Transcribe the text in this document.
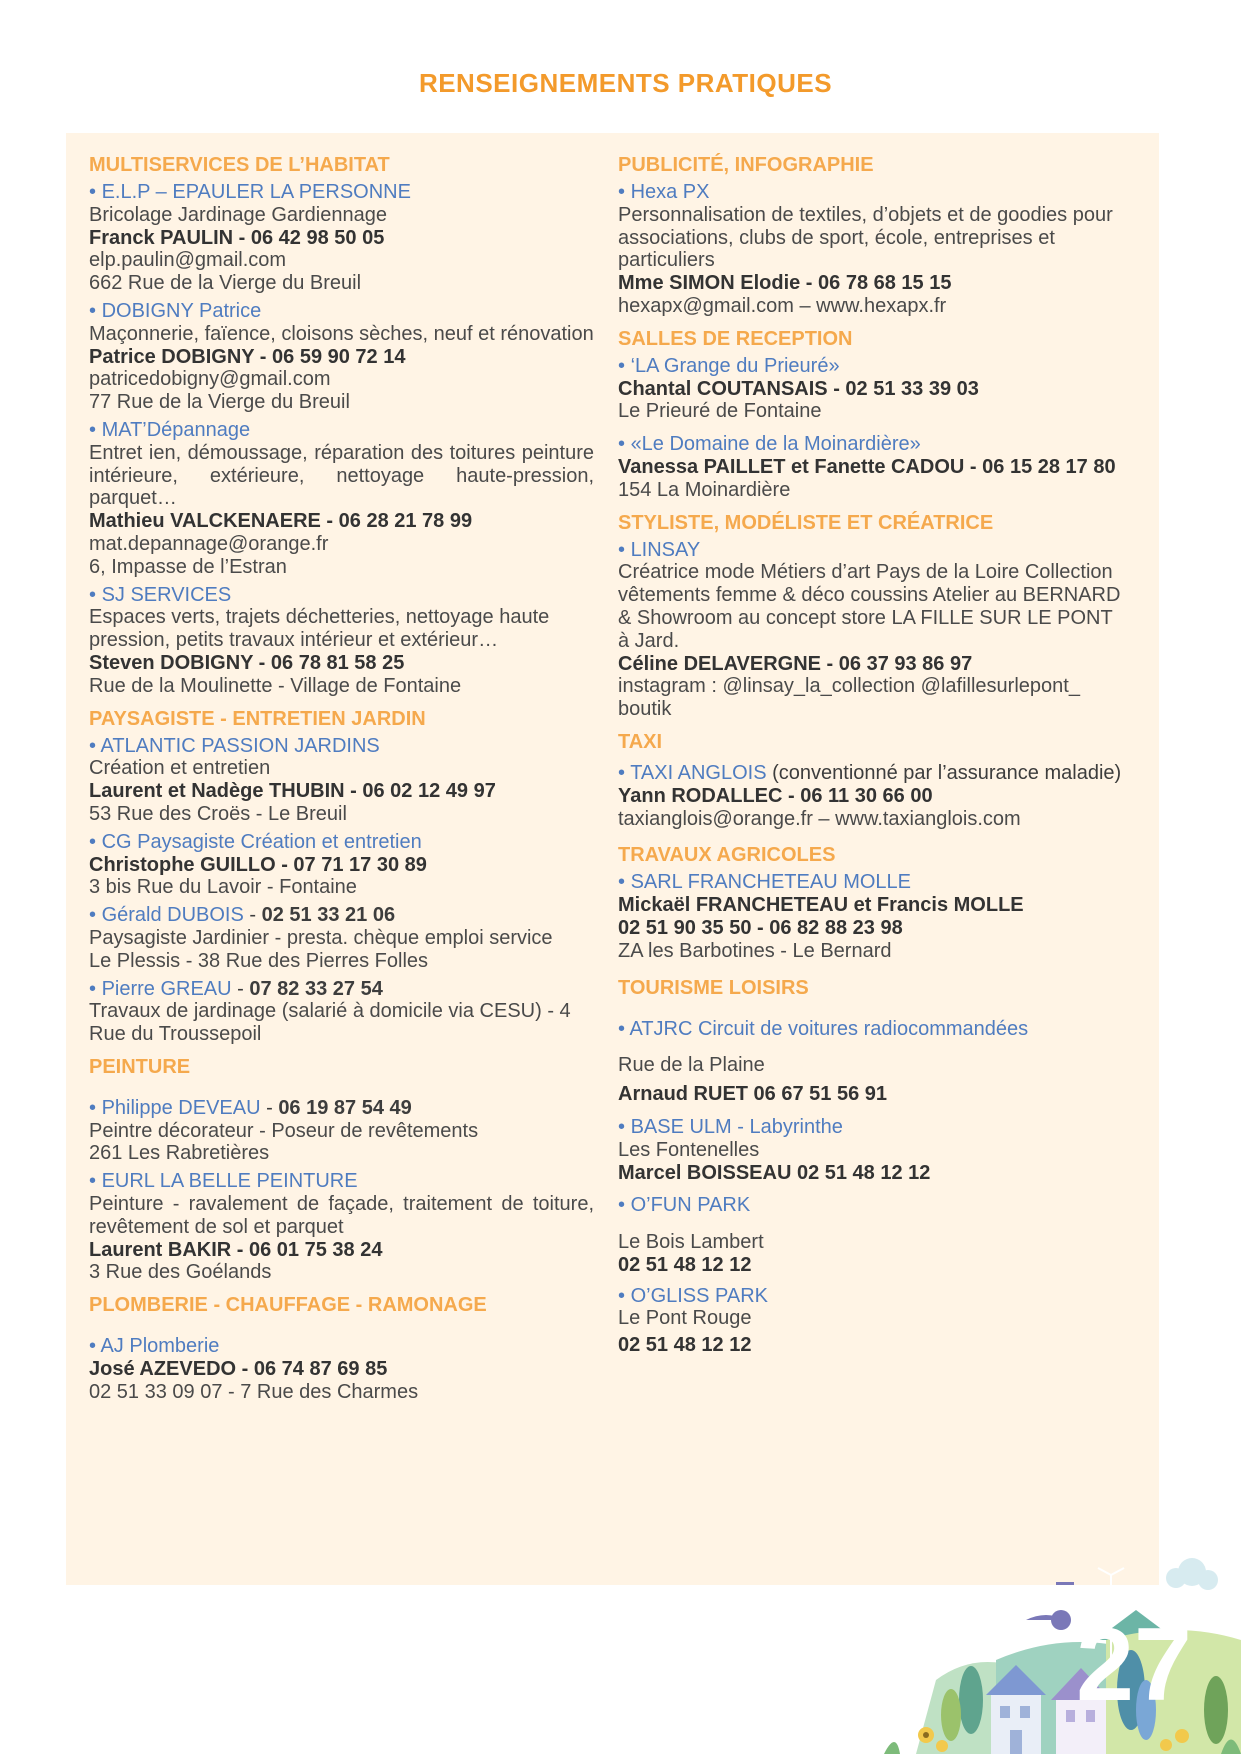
RENSEIGNEMENTS PRATIQUES
MULTISERVICES DE L’HABITAT
• E.L.P – EPAULER LA PERSONNE
Bricolage Jardinage Gardiennage
Franck PAULIN - 06 42 98 50 05
elp.paulin@gmail.com
662 Rue de la Vierge du Breuil
• DOBIGNY Patrice
Maçonnerie, faïence, cloisons sèches, neuf et rénovation
Patrice DOBIGNY - 06 59 90 72 14
patricedobigny@gmail.com
77 Rue de la Vierge du Breuil
• MAT’Dépannage
Entret ien, démoussage, réparation des toitures peinture intérieure, extérieure, nettoyage haute-pression, parquet…
Mathieu VALCKENAERE - 06 28 21 78 99
mat.depannage@orange.fr
6, Impasse de l’Estran
• SJ SERVICES
Espaces verts, trajets déchetteries, nettoyage haute pression, petits travaux intérieur et extérieur…
Steven DOBIGNY - 06 78 81 58 25
Rue de la Moulinette - Village de Fontaine
PAYSAGISTE - ENTRETIEN JARDIN
• ATLANTIC PASSION JARDINS
Création et entretien
Laurent et Nadège THUBIN - 06 02 12 49 97
53 Rue des Croës - Le Breuil
• CG Paysagiste Création et entretien
Christophe GUILLO - 07 71 17 30 89
3 bis Rue du Lavoir - Fontaine
• Gérald DUBOIS - 02 51 33 21 06
Paysagiste Jardinier - presta. chèque emploi service
Le Plessis - 38 Rue des Pierres Folles
• Pierre GREAU - 07 82 33 27 54
Travaux de jardinage (salarié à domicile via CESU) - 4 Rue du Troussepoil
PEINTURE
• Philippe DEVEAU - 06 19 87 54 49
Peintre décorateur - Poseur de revêtements
261 Les Rabretières
• EURL LA BELLE PEINTURE
Peinture - ravalement de façade, traitement de toiture, revêtement de sol et parquet
Laurent BAKIR - 06 01 75 38 24
3 Rue des Goélands
PLOMBERIE - CHAUFFAGE - RAMONAGE
• AJ Plomberie
José AZEVEDO - 06 74 87 69 85
02 51 33 09 07 - 7 Rue des Charmes
PUBLICITÉ, INFOGRAPHIE
• Hexa PX
Personnalisation de textiles, d’objets et de goodies pour associations, clubs de sport, école, entreprises et particuliers
Mme SIMON Elodie - 06 78 68 15 15
hexapx@gmail.com – www.hexapx.fr
SALLES DE RECEPTION
• ‘LA Grange du Prieuré»
Chantal COUTANSAIS - 02 51 33 39 03
Le Prieuré de Fontaine
• «Le Domaine de la Moinardière»
Vanessa PAILLET et Fanette CADOU - 06 15 28 17 80
154 La Moinardière
STYLISTE, MODÉLISTE ET CRÉATRICE
• LINSAY
Créatrice mode Métiers d’art Pays de la Loire Collection vêtements femme & déco coussins Atelier au BERNARD & Showroom au concept store LA FILLE SUR LE PONT à Jard.
Céline DELAVERGNE - 06 37 93 86 97
instagram : @linsay_la_collection @lafillesurlepont_ boutik
TAXI
• TAXI ANGLOIS (conventionné par l’assurance maladie)
Yann RODALLEC - 06 11 30 66 00
taxianglois@orange.fr – www.taxianglois.com
TRAVAUX AGRICOLES
• SARL FRANCHETEAU MOLLE
Mickaël FRANCHETEAU et Francis MOLLE
02 51 90 35 50 - 06 82 88 23 98
ZA les Barbotines - Le Bernard
TOURISME LOISIRS
• ATJRC Circuit de voitures radiocommandées
Rue de la Plaine
Arnaud RUET 06 67 51 56 91
• BASE ULM - Labyrinthe
Les Fontenelles
Marcel BOISSEAU 02 51 48 12 12
• O’FUN PARK
Le Bois Lambert
02 51 48 12 12
• O’GLISS PARK
Le Pont Rouge
02 51 48 12 12
27
